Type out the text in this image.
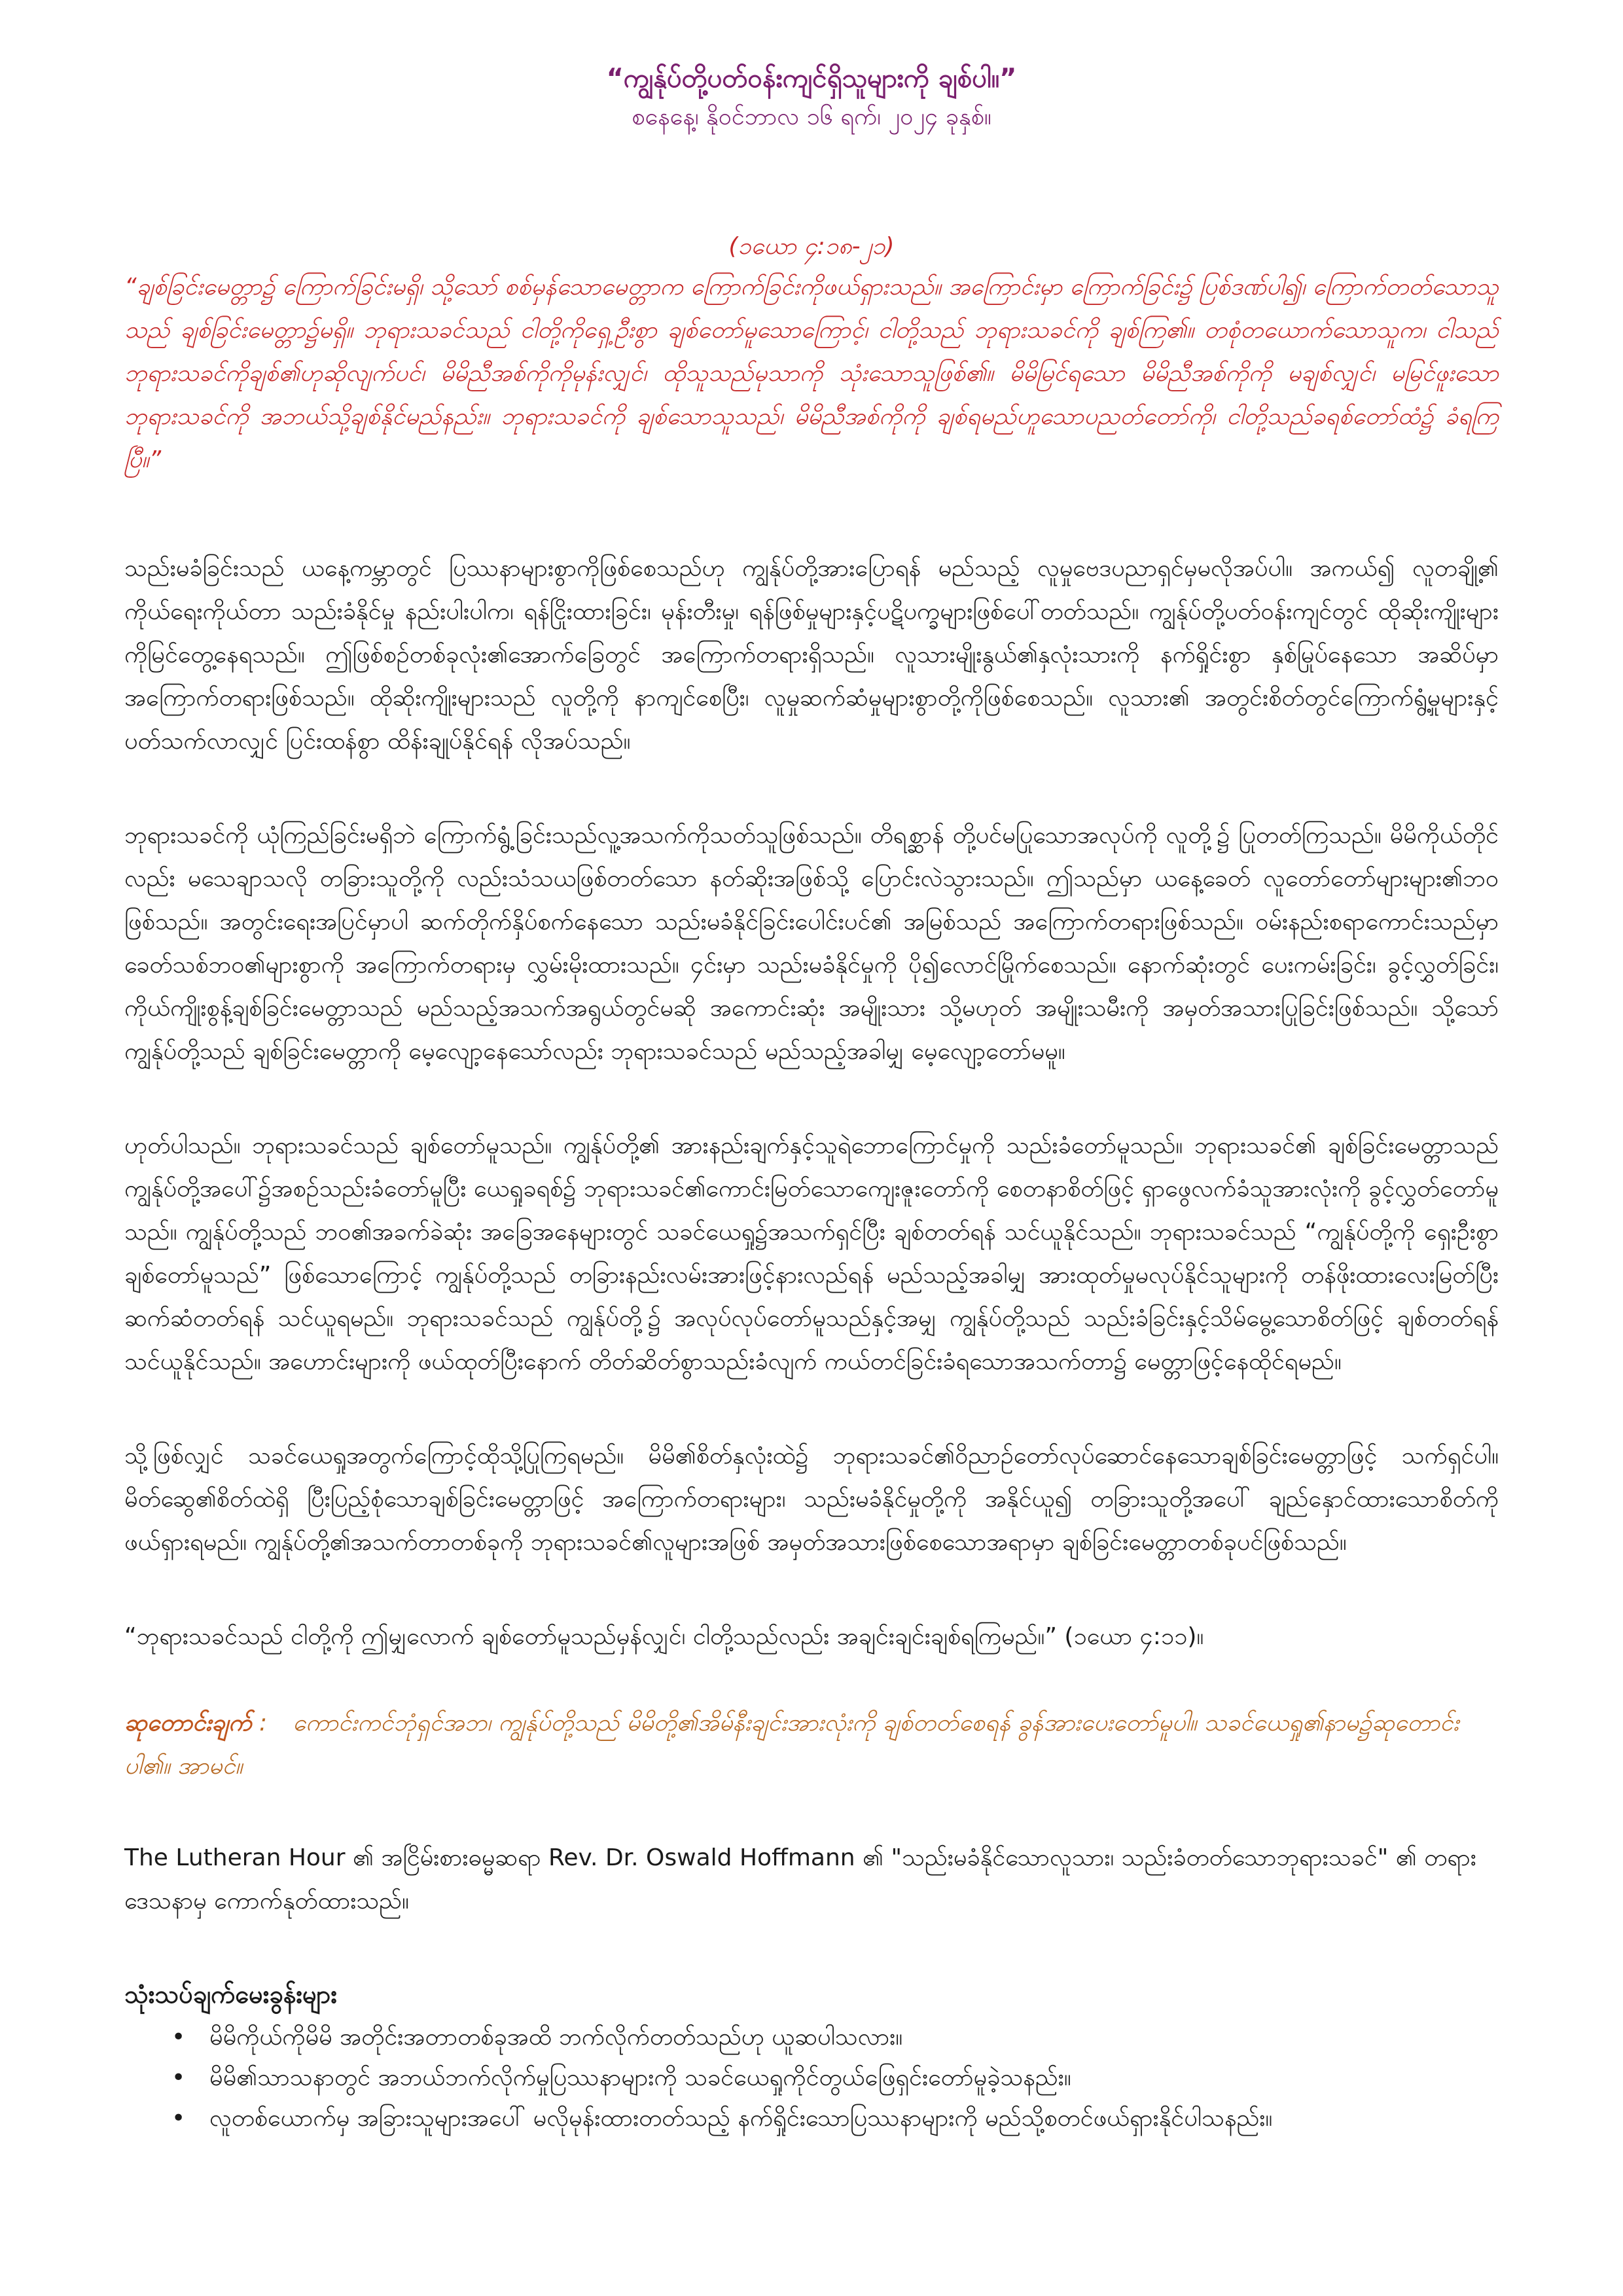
“ကျွန်ုပ်တို့ပတ်ဝန်းကျင်ရှိသူများကို ချစ်ပါ။”

စနေနေ့၊ နိုဝင်ဘာလ ၁၆ ရက်၊ ၂၀၂၄ ခုနှစ်။

(၁ယော ၄:၁၈-၂၁)

“ချစ်ခြင်းမေတ္တာ၌ ကြောက်ခြင်းမရှိ၊ သို့သော် စစ်မှန်သောမေတ္တာက ကြောက်ခြင်းကိုဖယ်ရှားသည်။ အကြောင်းမှာ ကြောက်ခြင်း၌ ပြစ်ဒဏ်ပါ၍၊ ကြောက်တတ်သောသူသည် ချစ်ခြင်းမေတ္တာ၌မရှိ။ ဘုရားသခင်သည် ငါတို့ကိုရှေ့ဦးစွာ ချစ်တော်မူသောကြောင့်၊ ငါတို့သည် ဘုရားသခင်ကို ချစ်ကြ၏။ တစုံတယောက်သောသူက၊ ငါသည်ဘုရားသခင်ကိုချစ်၏ဟုဆိုလျက်ပင်၊ မိမိညီအစ်ကိုကိုမုန်းလျှင်၊ ထိုသူသည်မုသာကို သုံးသောသူဖြစ်၏။ မိမိမြင်ရသော မိမိညီအစ်ကိုကို မချစ်လျှင်၊ မမြင်ဖူးသော ဘုရားသခင်ကို အဘယ်သို့ချစ်နိုင်မည်နည်း။ ဘုရားသခင်ကို ချစ်သောသူသည်၊ မိမိညီအစ်ကိုကို ချစ်ရမည်ဟူသောပညတ်တော်ကို၊ ငါတို့သည်ခရစ်တော်ထံ၌ ခံရကြပြီ။”

သည်းမခံခြင်းသည် ယနေ့ကမ္ဘာတွင် ပြဿနာများစွာကိုဖြစ်စေသည်ဟု ကျွန်ုပ်တို့အားပြောရန် မည်သည့် လူမှုဗေဒပညာရှင်မှမလိုအပ်ပါ။ အကယ်၍ လူတချို့၏ ကိုယ်ရေးကိုယ်တာ သည်းခံနိုင်မှု နည်းပါးပါက၊ ရန်ငြိုးထားခြင်း၊ မုန်းတီးမှု၊ ရန်ဖြစ်မှုများနှင့်ပဋိပက္ခများဖြစ်ပေါ်တတ်သည်။ ကျွန်ုပ်တို့ပတ်ဝန်းကျင်တွင် ထိုဆိုးကျိုးများကိုမြင်တွေ့နေရသည်။ ဤဖြစ်စဉ်တစ်ခုလုံး၏အောက်ခြေတွင် အကြောက်တရားရှိသည်။ လူသားမျိုးနွယ်၏နှလုံးသားကို နက်ရှိုင်းစွာ နှစ်မြုပ်နေသော အဆိပ်မှာ အကြောက်တရားဖြစ်သည်။ ထိုဆိုးကျိုးများသည် လူတို့ကို နာကျင်စေပြီး၊ လူမှုဆက်ဆံမှုများစွာတို့ကိုဖြစ်စေသည်။ လူသား၏ အတွင်းစိတ်တွင်ကြောက်ရွံ့မှုများနှင့် ပတ်သက်လာလျှင် ပြင်းထန်စွာ ထိန်းချုပ်နိုင်ရန် လိုအပ်သည်။

ဘုရားသခင်ကို ယုံကြည်ခြင်းမရှိဘဲ ကြောက်ရွံ့ခြင်းသည်လူ့အသက်ကိုသတ်သူဖြစ်သည်။ တိရစ္ဆာန် တို့ပင်မပြုသောအလုပ်ကို လူတို့၌ ပြုတတ်ကြသည်။ မိမိကိုယ်တိုင်လည်း မသေချာသလို တခြားသူတို့ကို လည်းသံသယဖြစ်တတ်သော နတ်ဆိုးအဖြစ်သို့ ပြောင်းလဲသွားသည်။ ဤသည်မှာ ယနေ့ခေတ် လူတော်တော်များများ၏ဘဝဖြစ်သည်။ အတွင်းရေးအပြင်မှာပါ ဆက်တိုက်နှိပ်စက်နေသော သည်းမခံနိုင်ခြင်းပေါင်းပင်၏ အမြစ်သည် အကြောက်တရားဖြစ်သည်။ ဝမ်းနည်းစရာကောင်းသည်မှာ ခေတ်သစ်ဘဝ၏များစွာကို အကြောက်တရားမှ လွှမ်းမိုးထားသည်။ ၄င်းမှာ သည်းမခံနိုင်မှုကို ပို၍လောင်မြိုက်စေသည်။ နောက်ဆုံးတွင် ပေးကမ်းခြင်း၊ ခွင့်လွှတ်ခြင်း၊ ကိုယ်ကျိုးစွန့်ချစ်ခြင်းမေတ္တာသည် မည်သည့်အသက်အရွယ်တွင်မဆို အကောင်းဆုံး အမျိုးသား သို့မဟုတ် အမျိုးသမီးကို အမှတ်အသားပြုခြင်းဖြစ်သည်။ သို့သော် ကျွန်ုပ်တို့သည် ချစ်ခြင်းမေတ္တာကို မေ့လျော့နေသော်လည်း ဘုရားသခင်သည် မည်သည့်အခါမျှ မေ့လျော့တော်မမူ။

ဟုတ်ပါသည်။ ဘုရားသခင်သည် ချစ်တော်မူသည်။ ကျွန်ုပ်တို့၏ အားနည်းချက်နှင့်သူရဲဘောကြောင်မှုကို သည်းခံတော်မူသည်။ ဘုရားသခင်၏ ချစ်ခြင်းမေတ္တာသည် ကျွန်ုပ်တို့အပေါ်၌အစဉ်သည်းခံတော်မူပြီး ယေရှုခရစ်၌ ဘုရားသခင်၏ကောင်းမြတ်သောကျေးဇူးတော်ကို စေတနာစိတ်ဖြင့် ရှာဖွေလက်ခံသူအားလုံးကို ခွင့်လွှတ်တော်မူသည်။ ကျွန်ုပ်တို့သည် ဘဝ၏အခက်ခဲဆုံး အခြေအနေများတွင် သခင်ယေရှု၌အသက်ရှင်ပြီး ချစ်တတ်ရန် သင်ယူနိုင်သည်။ ဘုရားသခင်သည် “ကျွန်ုပ်တို့ကို ရှေးဦးစွာချစ်တော်မူသည်” ဖြစ်သောကြောင့် ကျွန်ုပ်တို့သည် တခြားနည်းလမ်းအားဖြင့်နားလည်ရန် မည်သည့်အခါမျှ အားထုတ်မှုမလုပ်နိုင်သူများကို တန်ဖိုးထားလေးမြတ်ပြီးဆက်ဆံတတ်ရန် သင်ယူရမည်။ ဘုရားသခင်သည် ကျွန်ုပ်တို့၌ အလုပ်လုပ်တော်မူသည်နှင့်အမျှ ကျွန်ုပ်တို့သည် သည်းခံခြင်းနှင့်သိမ်မွေ့သောစိတ်ဖြင့် ချစ်တတ်ရန် သင်ယူနိုင်သည်။ အဟောင်းများကို ဖယ်ထုတ်ပြီးနောက် တိတ်ဆိတ်စွာသည်းခံလျက် ကယ်တင်ခြင်းခံရသောအသက်တာ၌ မေတ္တာဖြင့်နေထိုင်ရမည်။

သို့ဖြစ်လျှင် သခင်ယေရှုအတွက်ကြောင့်ထိုသို့ပြုကြရမည်။ မိမိ၏စိတ်နှလုံးထဲ၌ ဘုရားသခင်၏ဝိညာဉ်တော်လုပ်ဆောင်နေသောချစ်ခြင်းမေတ္တာဖြင့် သက်ရှင်ပါ။ မိတ်ဆွေ၏စိတ်ထဲရှိ ပြီးပြည့်စုံသောချစ်ခြင်းမေတ္တာဖြင့် အကြောက်တရားများ၊ သည်းမခံနိုင်မှုတို့ကို အနိုင်ယူ၍ တခြားသူတို့အပေါ် ချည်နှောင်ထားသောစိတ်ကိုဖယ်ရှားရမည်။ ကျွန်ုပ်တို့၏အသက်တာတစ်ခုကို ဘုရားသခင်၏လူများအဖြစ် အမှတ်အသားဖြစ်စေသောအရာမှာ ချစ်ခြင်းမေတ္တာတစ်ခုပင်ဖြစ်သည်။

“ဘုရားသခင်သည် ငါတို့ကို ဤမျှလောက် ချစ်တော်မူသည်မှန်လျှင်၊ ငါတို့သည်လည်း အချင်းချင်းချစ်ရကြမည်။” (၁ယော ၄:၁၁)။

ဆုတောင်းချက် : ကောင်းကင်ဘုံရှင်အဘ၊ ကျွန်ုပ်တို့သည် မိမိတို့၏အိမ်နီးချင်းအားလုံးကို ချစ်တတ်စေရန် ခွန်အားပေးတော်မူပါ။ သခင်ယေရှု၏နာမ၌ဆုတောင်းပါ၏။ အာမင်။

The Lutheran Hour ၏ အငြိမ်းစားဓမ္မဆရာ Rev. Dr. Oswald Hoffmann ၏ "သည်းမခံနိုင်သောလူသား၊ သည်းခံတတ်သောဘုရားသခင်" ၏ တရားဒေသနာမှ ကောက်နုတ်ထားသည်။

သုံးသပ်ချက်မေးခွန်းများ

• မိမိကိုယ်ကိုမိမိ အတိုင်းအတာတစ်ခုအထိ ဘက်လိုက်တတ်သည်ဟု ယူဆပါသလား။
• မိမိ၏သာသနာတွင် အဘယ်ဘက်လိုက်မှုပြဿနာများကို သခင်ယေရှုကိုင်တွယ်ဖြေရှင်းတော်မူခဲ့သနည်း။
• လူတစ်ယောက်မှ အခြားသူများအပေါ် မလိုမုန်းထားတတ်သည့် နက်ရှိုင်းသောပြဿနာများကို မည်သို့စတင်ဖယ်ရှားနိုင်ပါသနည်း။
